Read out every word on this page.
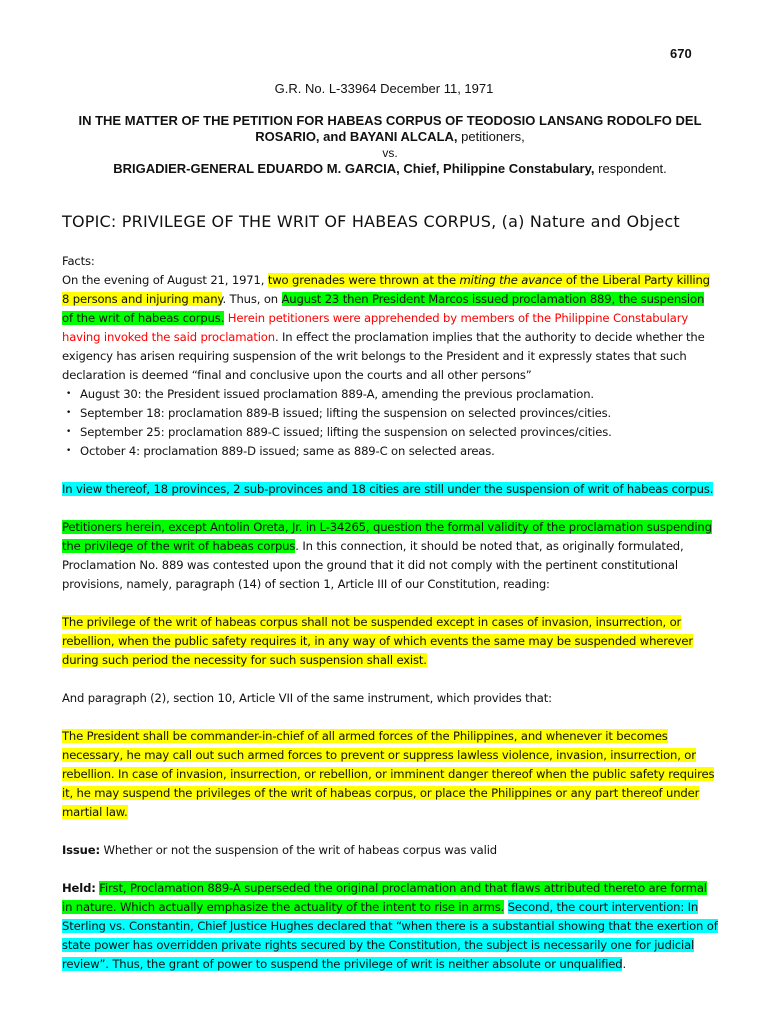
670
G.R. No. L-33964 December 11, 1971
IN THE MATTER OF THE PETITION FOR HABEAS CORPUS OF TEODOSIO LANSANG RODOLFO DEL ROSARIO, and BAYANI ALCALA, petitioners,
vs.
BRIGADIER-GENERAL EDUARDO M. GARCIA, Chief, Philippine Constabulary, respondent.
TOPIC: PRIVILEGE OF THE WRIT OF HABEAS CORPUS, (a) Nature and Object

Facts:

On the evening of August 21, 1971, two grenades were thrown at the miting the avance of the Liberal Party killing 8 persons and injuring many. Thus, on August 23 then President Marcos issued proclamation 889, the suspension of the writ of habeas corpus. Herein petitioners were apprehended by members of the Philippine Constabulary having invoked the said proclamation. In effect the proclamation implies that the authority to decide whether the exigency has arisen requiring suspension of the writ belongs to the President and it expressly states that such declaration is deemed “final and conclusive upon the courts and all other persons”

• August 30: the President issued proclamation 889-A, amending the previous proclamation.
• September 18: proclamation 889-B issued; lifting the suspension on selected provinces/cities.
• September 25: proclamation 889-C issued; lifting the suspension on selected provinces/cities.
• October 4: proclamation 889-D issued; same as 889-C on selected areas.

In view thereof, 18 provinces, 2 sub-provinces and 18 cities are still under the suspension of writ of habeas corpus.

Petitioners herein, except Antolin Oreta, Jr. in L-34265, question the formal validity of the proclamation suspending the privilege of the writ of habeas corpus. In this connection, it should be noted that, as originally formulated, Proclamation No. 889 was contested upon the ground that it did not comply with the pertinent constitutional provisions, namely, paragraph (14) of section 1, Article III of our Constitution, reading:

The privilege of the writ of habeas corpus shall not be suspended except in cases of invasion, insurrection, or rebellion, when the public safety requires it, in any way of which events the same may be suspended wherever during such period the necessity for such suspension shall exist.

And paragraph (2), section 10, Article VII of the same instrument, which provides that:

The President shall be commander-in-chief of all armed forces of the Philippines, and whenever it becomes necessary, he may call out such armed forces to prevent or suppress lawless violence, invasion, insurrection, or rebellion. In case of invasion, insurrection, or rebellion, or imminent danger thereof when the public safety requires it, he may suspend the privileges of the writ of habeas corpus, or place the Philippines or any part thereof under martial law.

Issue: Whether or not the suspension of the writ of habeas corpus was valid

Held: First, Proclamation 889-A superseded the original proclamation and that flaws attributed thereto are formal in nature. Which actually emphasize the actuality of the intent to rise in arms. Second, the court intervention: In Sterling vs. Constantin, Chief Justice Hughes declared that “when there is a substantial showing that the exertion of state power has overridden private rights secured by the Constitution, the subject is necessarily one for judicial review”. Thus, the grant of power to suspend the privilege of writ is neither absolute or unqualified.
